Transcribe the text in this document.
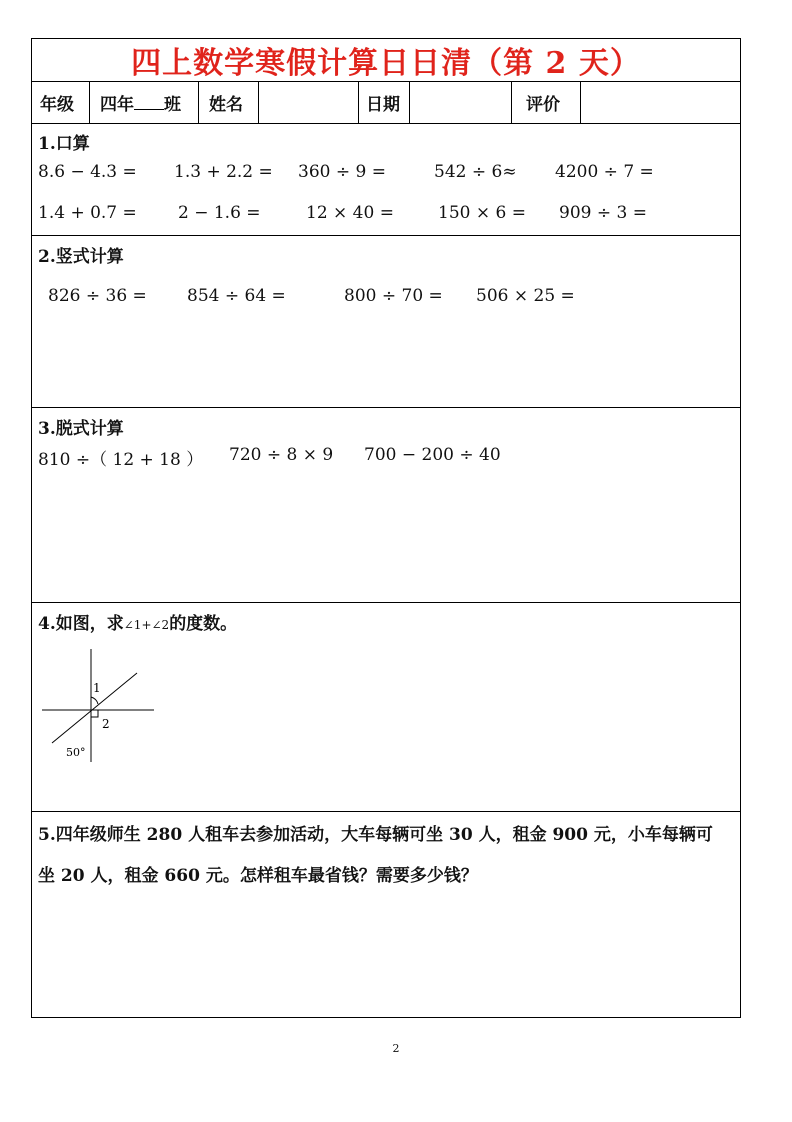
四上数学寒假计算日日清（第 2 天）
年级 四年 班 姓名	日期	评价
1.口算
8.6 − 4.3 = 1.3 + 2.2 = 360 ÷ 9 =	542 ÷ 6≈ 4200 ÷ 7 =
1.4 + 0.7 = 2 − 1.6 =	12 × 40 =	150 × 6 = 909 ÷ 3 =
2.竖式计算
826 ÷ 36 = 854 ÷ 64 =	800 ÷ 70 = 506 × 25 =
3.脱式计算
810 ÷（ 12 + 18 ） 720 ÷ 8 × 9 700 − 200 ÷ 40
4.如图，求∠1+∠2的度数。
1
2
50°
5.四年级师生 280 人租车去参加活动，大车每辆可坐 30 人，租金 900 元，小车每辆可
坐 20 人，租金 660 元。怎样租车最省钱？需要多少钱？
2
